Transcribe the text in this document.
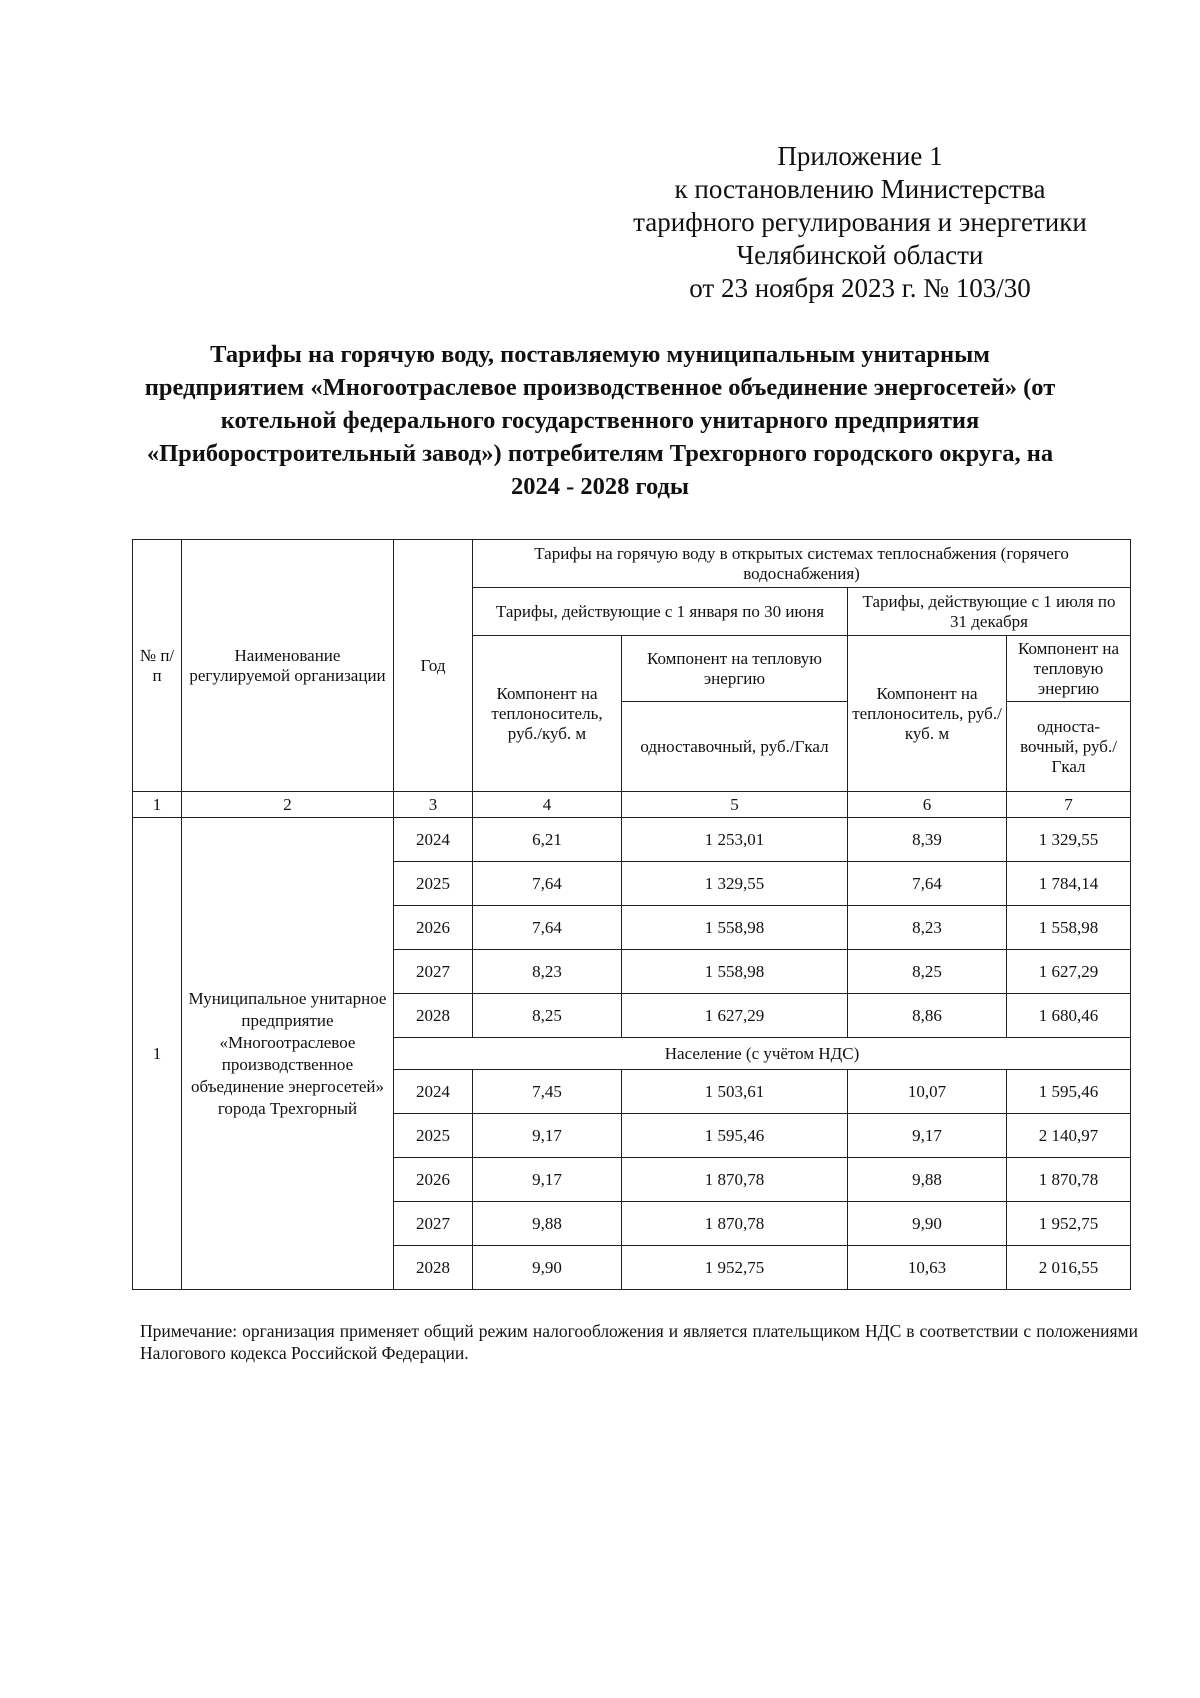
Приложение 1
к постановлению Министерства
тарифного регулирования и энергетики
Челябинской области
от 23 ноября 2023 г. № 103/30
Тарифы на горячую воду, поставляемую муниципальным унитарным предприятием «Многоотраслевое производственное объединение энергосетей» (от котельной федерального государственного унитарного предприятия «Приборостроительный завод») потребителям Трехгорного городского округа, на 2024 - 2028 годы
№ п/п	Наименование регулируемой организации	Год	Тарифы на горячую воду в открытых системах теплоснабжения (горячего водоснабжения)			
			Тарифы, действующие с 1 января по 30 июня		Тарифы, действующие с 1 июля по 31 декабря	
			Компонент на теплоноситель, руб./куб. м	Компонент на тепловую энергию	Компонент на теплоноситель, руб./куб. м	Компонент на тепловую энергию
				одноставочный, руб./Гкал		односта-вочный, руб./Гкал
1	2	3	4	5	6	7
1	Муниципальное унитарное предприятие «Многоотраслевое производственное объединение энергосетей» города Трехгорный	2024	6,21	1 253,01	8,39	1 329,55
		2025	7,64	1 329,55	7,64	1 784,14
		2026	7,64	1 558,98	8,23	1 558,98
		2027	8,23	1 558,98	8,25	1 627,29
		2028	8,25	1 627,29	8,86	1 680,46
		Население (с учётом НДС)				
		2024	7,45	1 503,61	10,07	1 595,46
		2025	9,17	1 595,46	9,17	2 140,97
		2026	9,17	1 870,78	9,88	1 870,78
		2027	9,88	1 870,78	9,90	1 952,75
		2028	9,90	1 952,75	10,63	2 016,55
Примечание: организация применяет общий режим налогообложения и является плательщиком НДС в соответствии с положениями Налогового кодекса Российской Федерации.
